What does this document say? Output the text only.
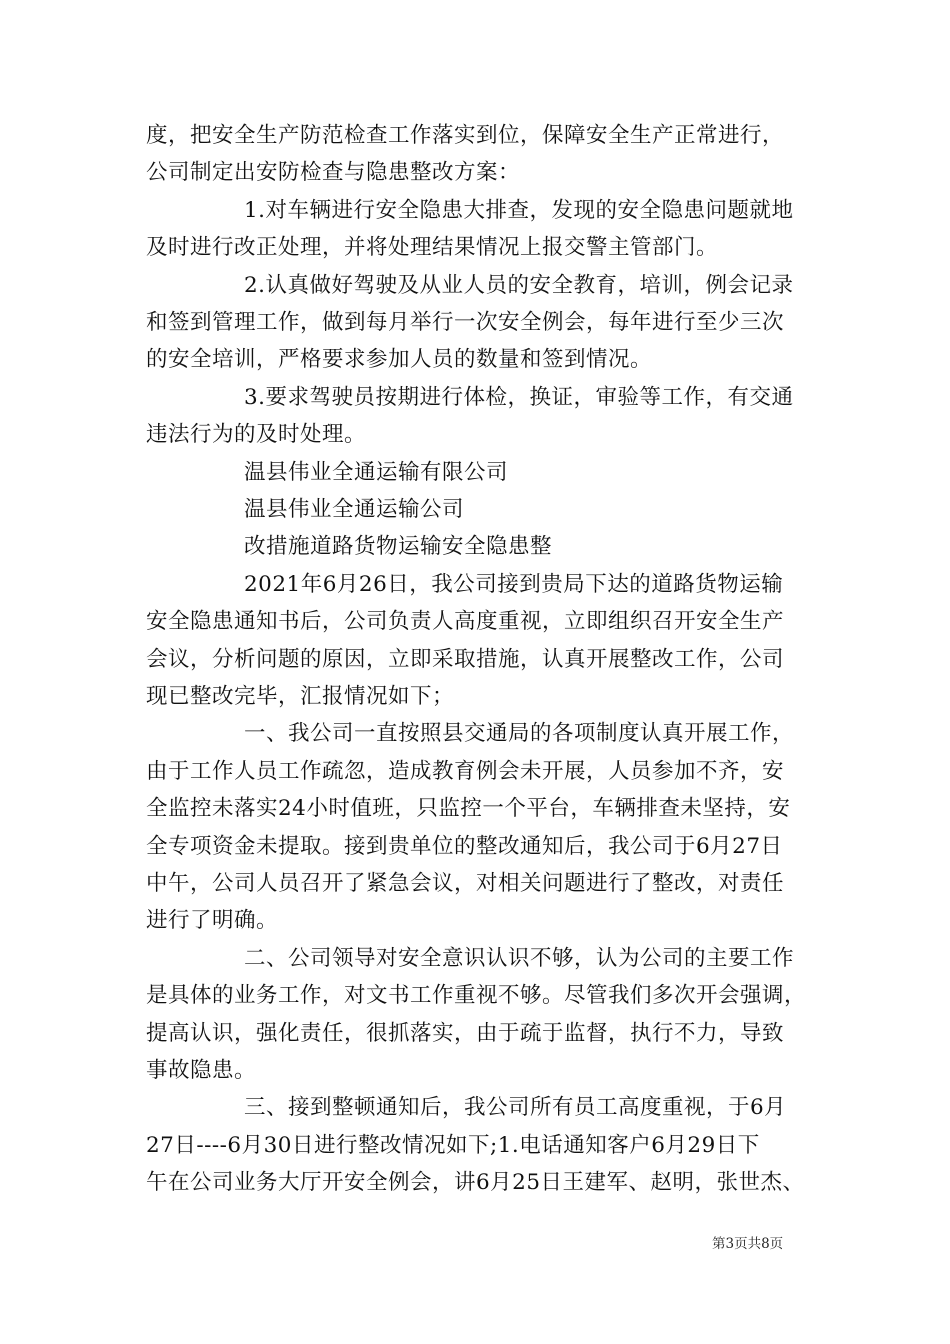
度，把安全生产防范检查工作落实到位，保障安全生产正常进行，
公司制定出安防检查与隐患整改方案：
1.对车辆进行安全隐患大排查，发现的安全隐患问题就地
及时进行改正处理，并将处理结果情况上报交警主管部门。
2.认真做好驾驶及从业人员的安全教育，培训，例会记录
和签到管理工作，做到每月举行一次安全例会，每年进行至少三次
的安全培训，严格要求参加人员的数量和签到情况。
3.要求驾驶员按期进行体检，换证，审验等工作，有交通
违法行为的及时处理。
温县伟业全通运输有限公司
温县伟业全通运输公司
改措施道路货物运输安全隐患整
2021年6月26日，我公司接到贵局下达的道路货物运输
安全隐患通知书后，公司负责人高度重视，立即组织召开安全生产
会议，分析问题的原因，立即采取措施，认真开展整改工作，公司
现已整改完毕，汇报情况如下；
一、我公司一直按照县交通局的各项制度认真开展工作，
由于工作人员工作疏忽，造成教育例会未开展，人员参加不齐，安
全监控未落实24小时值班，只监控一个平台，车辆排查未坚持，安
全专项资金未提取。接到贵单位的整改通知后，我公司于6月27日
中午，公司人员召开了紧急会议，对相关问题进行了整改，对责任
进行了明确。
二、公司领导对安全意识认识不够，认为公司的主要工作
是具体的业务工作，对文书工作重视不够。尽管我们多次开会强调，
提高认识，强化责任，很抓落实，由于疏于监督，执行不力，导致
事故隐患。
三、接到整顿通知后，我公司所有员工高度重视，于6月
27日----6月30日进行整改情况如下;1.电话通知客户6月29日下
午在公司业务大厅开安全例会，讲6月25日王建军、赵明，张世杰、
第3页共8页
